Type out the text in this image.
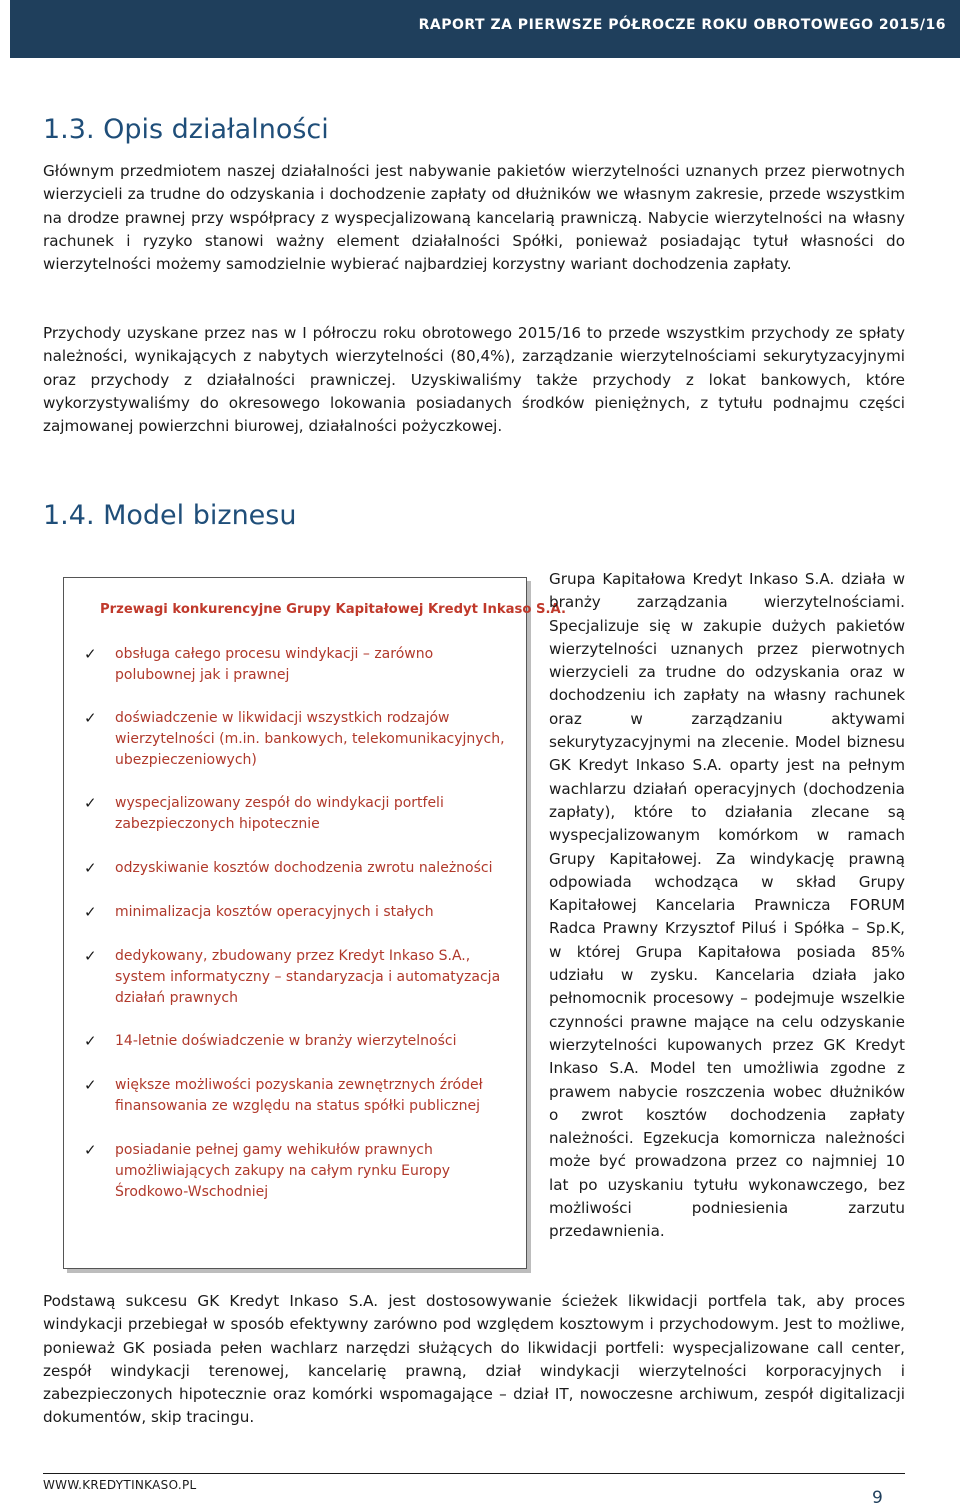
RAPORT ZA PIERWSZE PÓŁROCZE ROKU OBROTOWEGO 2015/16
1.3. Opis działalności

Głównym przedmiotem naszej działalności jest nabywanie pakietów wierzytelności uznanych przez pierwotnych wierzycieli za trudne do odzyskania i dochodzenie zapłaty od dłużników we własnym zakresie, przede wszystkim na drodze prawnej przy współpracy z wyspecjalizowaną kancelarią prawniczą. Nabycie wierzytelności na własny rachunek i ryzyko stanowi ważny element działalności Spółki, ponieważ posiadając tytuł własności do wierzytelności możemy samodzielnie wybierać najbardziej korzystny wariant dochodzenia zapłaty.

Przychody uzyskane przez nas w I półroczu roku obrotowego 2015/16 to przede wszystkim przychody ze spłaty należności, wynikających z nabytych wierzytelności (80,4%), zarządzanie wierzytelnościami sekurytyzacyjnymi oraz przychody z działalności prawniczej. Uzyskiwaliśmy także przychody z lokat bankowych, które wykorzystywaliśmy do okresowego lokowania posiadanych środków pieniężnych, z tytułu podnajmu części zajmowanej powierzchni biurowej, działalności pożyczkowej.

1.4. Model biznesu
Przewagi konkurencyjne Grupy Kapitałowej Kredyt Inkaso S.A.
✓ obsługa całego procesu windykacji – zarówno polubownej jak i prawnej
✓ doświadczenie w likwidacji wszystkich rodzajów wierzytelności (m.in. bankowych, telekomunikacyjnych, ubezpieczeniowych)
✓ wyspecjalizowany zespół do windykacji portfeli zabezpieczonych hipotecznie
✓ odzyskiwanie kosztów dochodzenia zwrotu należności
✓ minimalizacja kosztów operacyjnych i stałych
✓ dedykowany, zbudowany przez Kredyt Inkaso S.A., system informatyczny – standaryzacja i automatyzacja działań prawnych
✓ 14-letnie doświadczenie w branży wierzytelności
✓ większe możliwości pozyskania zewnętrznych źródeł finansowania ze względu na status spółki publicznej
✓ posiadanie pełnej gamy wehikułów prawnych umożliwiających zakupy na całym rynku Europy Środkowo-Wschodniej

Grupa Kapitałowa Kredyt Inkaso S.A. działa w branży zarządzania wierzytelnościami. Specjalizuje się w zakupie dużych pakietów wierzytelności uznanych przez pierwotnych wierzycieli za trudne do odzyskania oraz w dochodzeniu ich zapłaty na własny rachunek oraz w zarządzaniu aktywami sekurytyzacyjnymi na zlecenie. Model biznesu GK Kredyt Inkaso S.A. oparty jest na pełnym wachlarzu działań operacyjnych (dochodzenia zapłaty), które to działania zlecane są wyspecjalizowanym komórkom w ramach Grupy Kapitałowej. Za windykację prawną odpowiada wchodząca w skład Grupy Kapitałowej Kancelaria Prawnicza FORUM Radca Prawny Krzysztof Piluś i Spółka – Sp.K, w której Grupa Kapitałowa posiada 85% udziału w zysku. Kancelaria działa jako pełnomocnik procesowy – podejmuje wszelkie czynności prawne mające na celu odzyskanie wierzytelności kupowanych przez GK Kredyt Inkaso S.A. Model ten umożliwia zgodne z prawem nabycie roszczenia wobec dłużników o zwrot kosztów dochodzenia zapłaty należności. Egzekucja komornicza należności może być prowadzona przez co najmniej 10 lat po uzyskaniu tytułu wykonawczego, bez możliwości podniesienia zarzutu przedawnienia.

Podstawą sukcesu GK Kredyt Inkaso S.A. jest dostosowywanie ścieżek likwidacji portfela tak, aby proces windykacji przebiegał w sposób efektywny zarówno pod względem kosztowym i przychodowym. Jest to możliwe, ponieważ GK posiada pełen wachlarz narzędzi służących do likwidacji portfeli: wyspecjalizowane call center, zespół windykacji terenowej, kancelarię prawną, dział windykacji wierzytelności korporacyjnych i zabezpieczonych hipotecznie oraz komórki wspomagające – dział IT, nowoczesne archiwum, zespół digitalizacji dokumentów, skip tracingu.

WWW.KREDYTINKASO.PL
9
